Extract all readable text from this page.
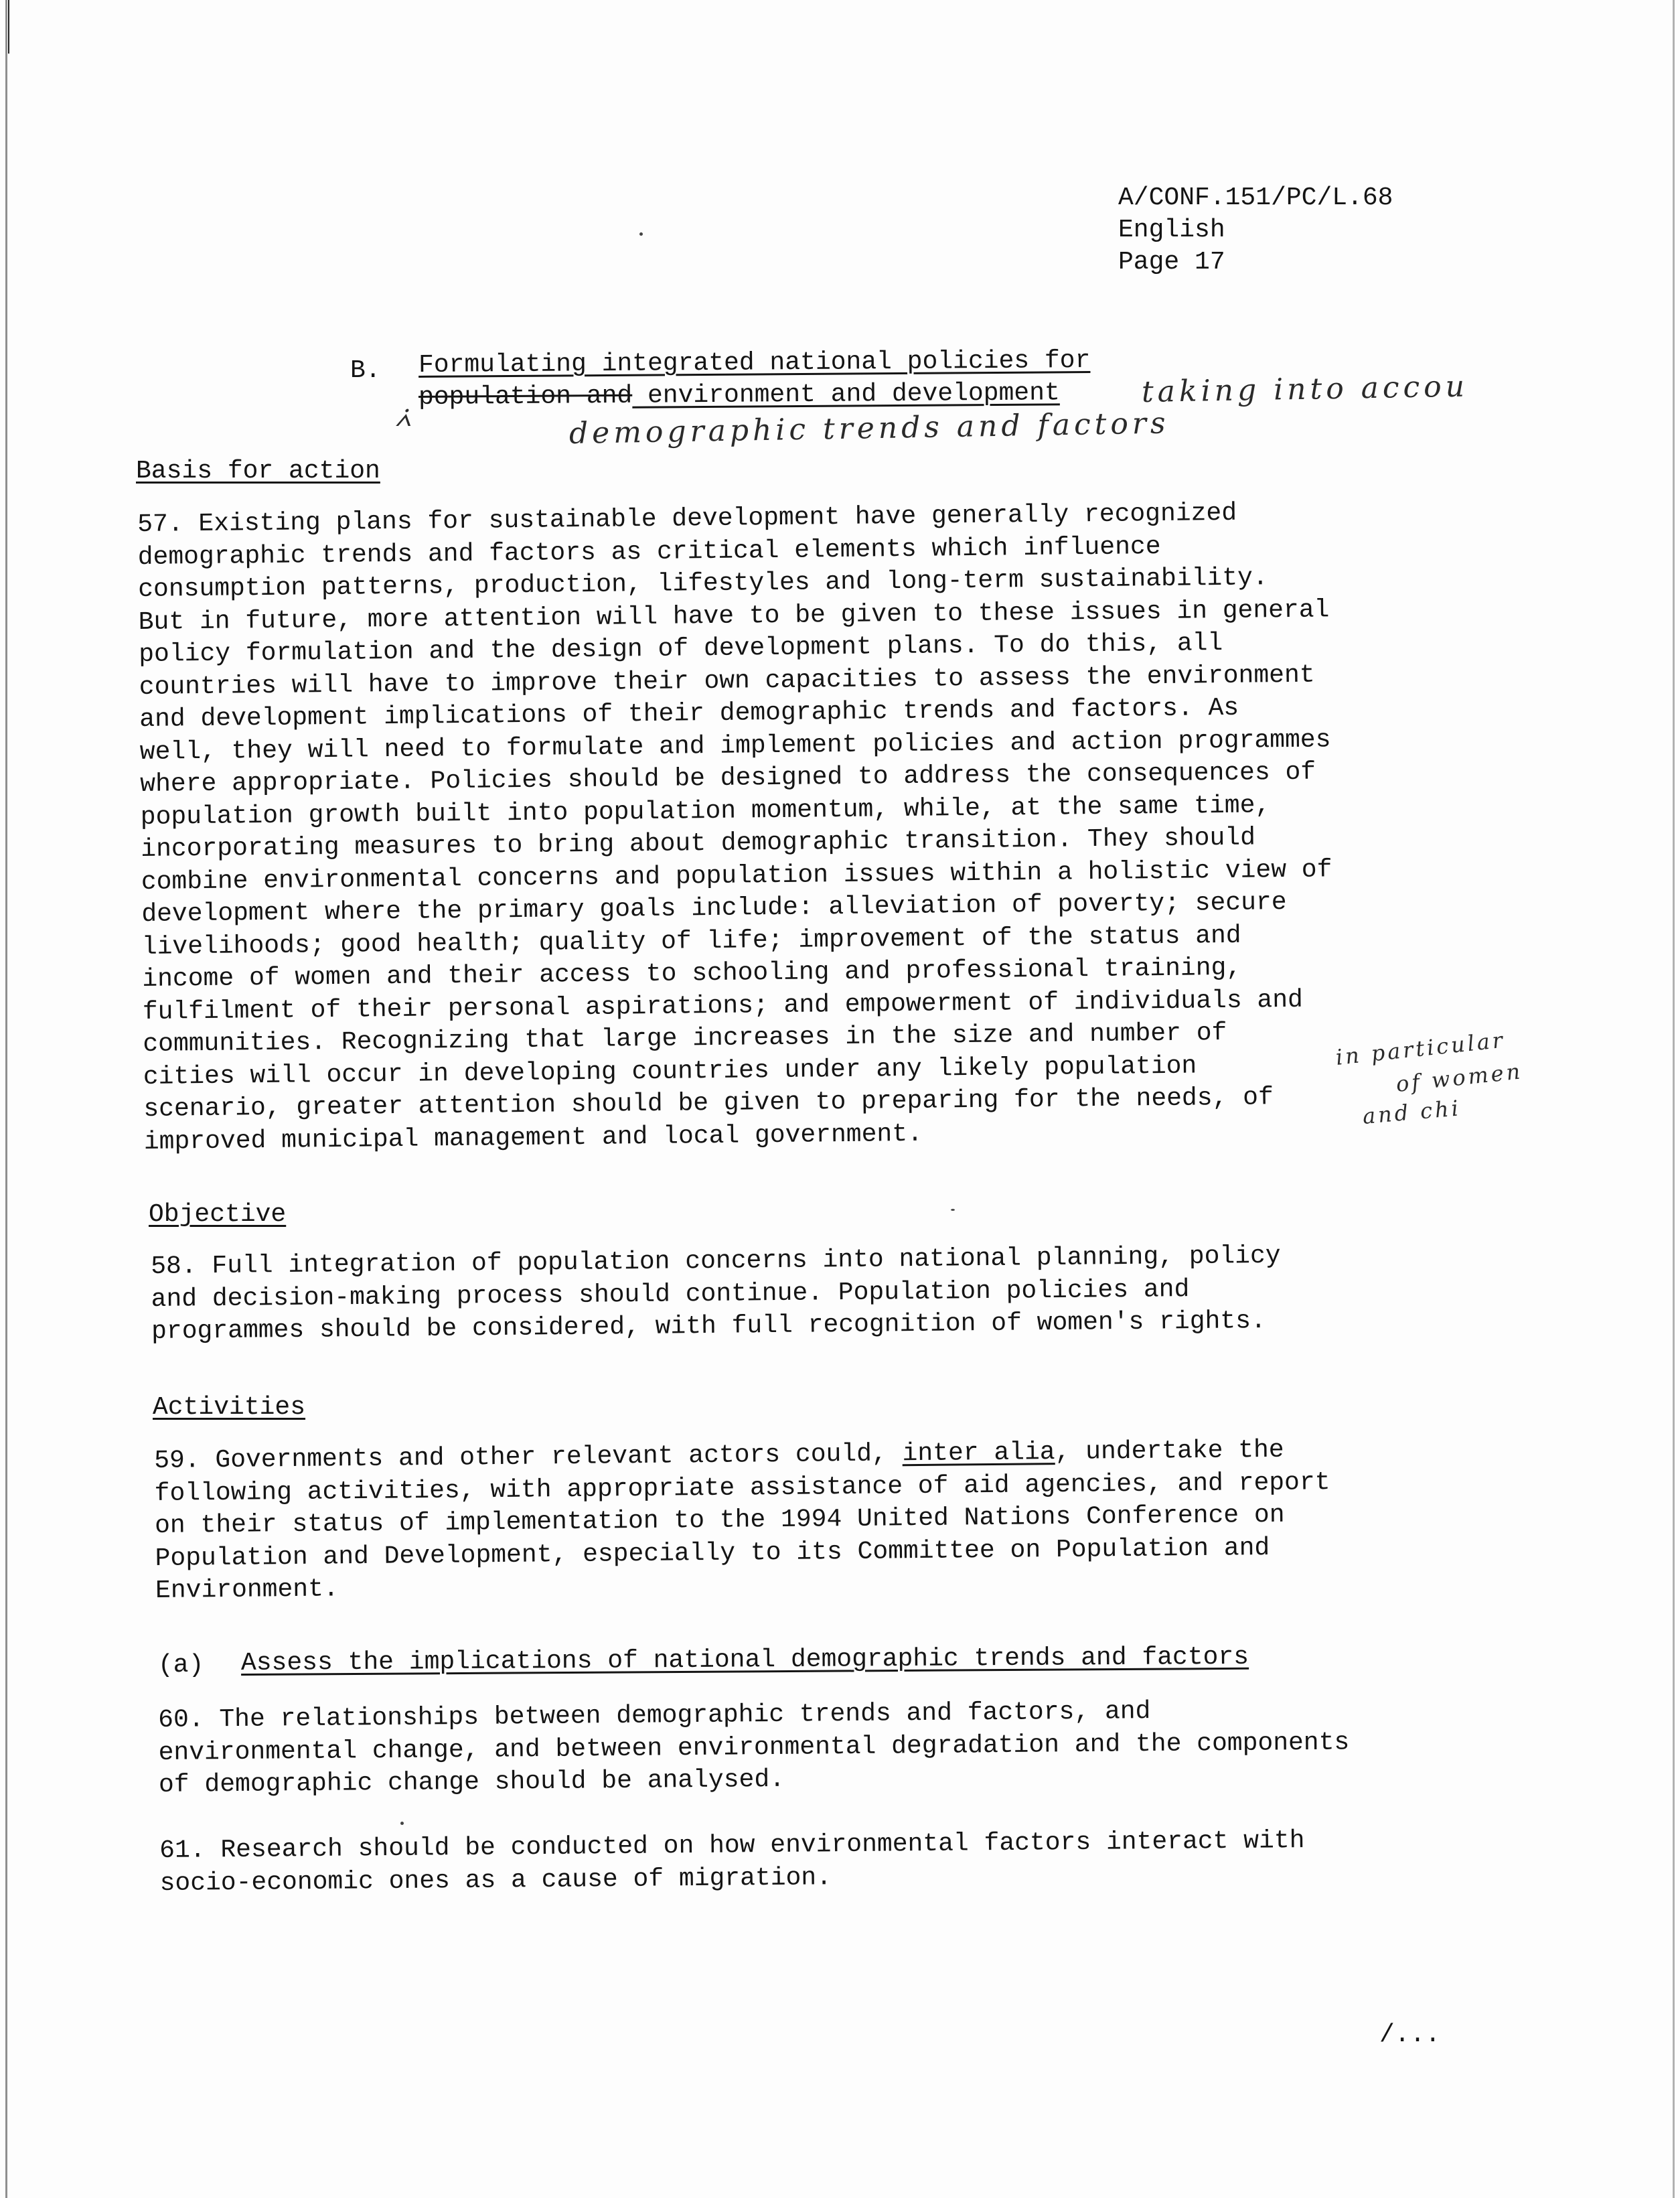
A/CONF.151/PC/L.68
English
Page 17
B. Formulating integrated national policies for
population and environment and development	taking into accou
⩑	demographic trends and factors
Basis for action
57. Existing plans for sustainable development have generally recognized
demographic trends and factors as critical elements which influence
consumption patterns, production, lifestyles and long-term sustainability.
But in future, more attention will have to be given to these issues in general
policy formulation and the design of development plans. To do this, all
countries will have to improve their own capacities to assess the environment
and development implications of their demographic trends and factors. As
well, they will need to formulate and implement policies and action programmes
where appropriate. Policies should be designed to address the consequences of
population growth built into population momentum, while, at the same time,
incorporating measures to bring about demographic transition. They should
combine environmental concerns and population issues within a holistic view of
development where the primary goals include: alleviation of poverty; secure
livelihoods; good health; quality of life; improvement of the status and
income of women and their access to schooling and professional training,
fulfilment of their personal aspirations; and empowerment of individuals and
communities. Recognizing that large increases in the size and number of
cities will occur in developing countries under any likely population
scenario, greater attention should be given to preparing for the needs, of
improved municipal management and local government.
in particular
of women
and chi
Objective
58. Full integration of population concerns into national planning, policy
and decision-making process should continue. Population policies and
programmes should be considered, with full recognition of women's rights.
Activities
59. Governments and other relevant actors could, inter alia, undertake the
following activities, with appropriate assistance of aid agencies, and report
on their status of implementation to the 1994 United Nations Conference on
Population and Development, especially to its Committee on Population and
Environment.
(a) Assess the implications of national demographic trends and factors
60. The relationships between demographic trends and factors, and
environmental change, and between environmental degradation and the components
of demographic change should be analysed.
61. Research should be conducted on how environmental factors interact with
socio-economic ones as a cause of migration.
/...
